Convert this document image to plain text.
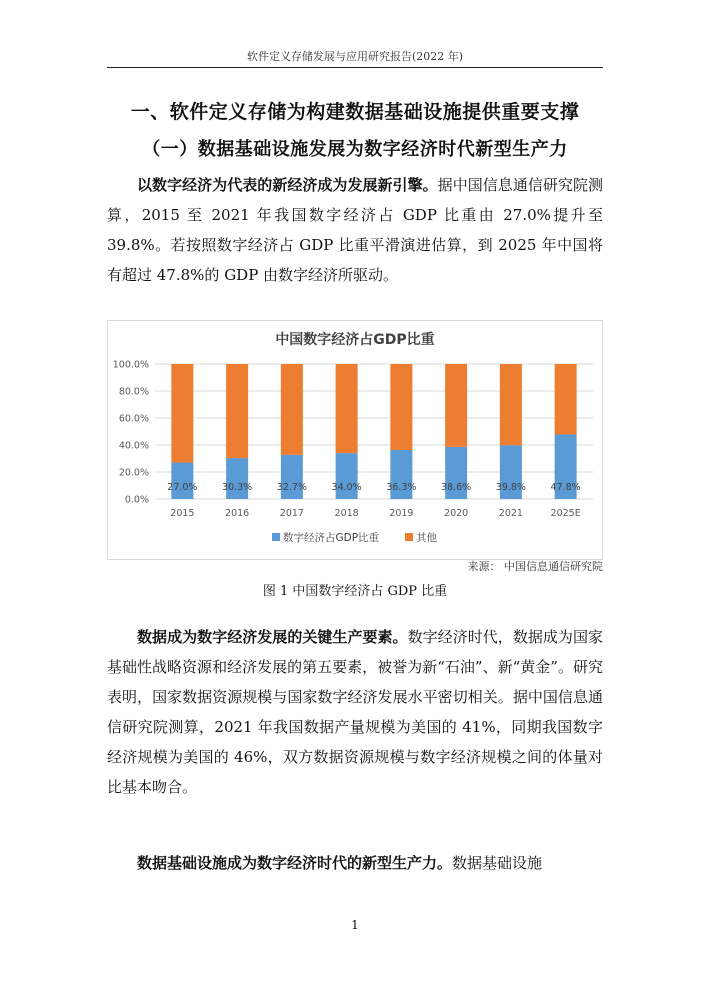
软件定义存储发展与应用研究报告(2022 年)
一、软件定义存储为构建数据基础设施提供重要支撑
（一）数据基础设施发展为数字经济时代新型生产力
以数字经济为代表的新经济成为发展新引擎。据中国信息通信研究院测算，2015 至 2021 年我国数字经济占 GDP 比重由 27.0%提升至 39.8%。若按照数字经济占 GDP 比重平滑演进估算，到 2025 年中国将有超过 47.8%的 GDP 由数字经济所驱动。
中国数字经济占GDP比重
0.0%
20.0%
40.0%
60.0%
80.0%
100.0%
27.0%
2015
30.3%
2016
32.7%
2017
34.0%
2018
36.3%
2019
38.6%
2020
39.8%
2021
47.8%
2025E
数字经济占GDP比重	其他
来源： 中国信息通信研究院
图 1 中国数字经济占 GDP 比重
数据成为数字经济发展的关键生产要素。数字经济时代，数据成为国家基础性战略资源和经济发展的第五要素，被誉为新“石油”、新“黄金”。研究表明，国家数据资源规模与国家数字经济发展水平密切相关。据中国信息通信研究院测算，2021 年我国数据产量规模为美国的 41%，同期我国数字经济规模为美国的 46%，双方数据资源规模与数字经济规模之间的体量对比基本吻合。
数据基础设施成为数字经济时代的新型生产力。数据基础设施
1
